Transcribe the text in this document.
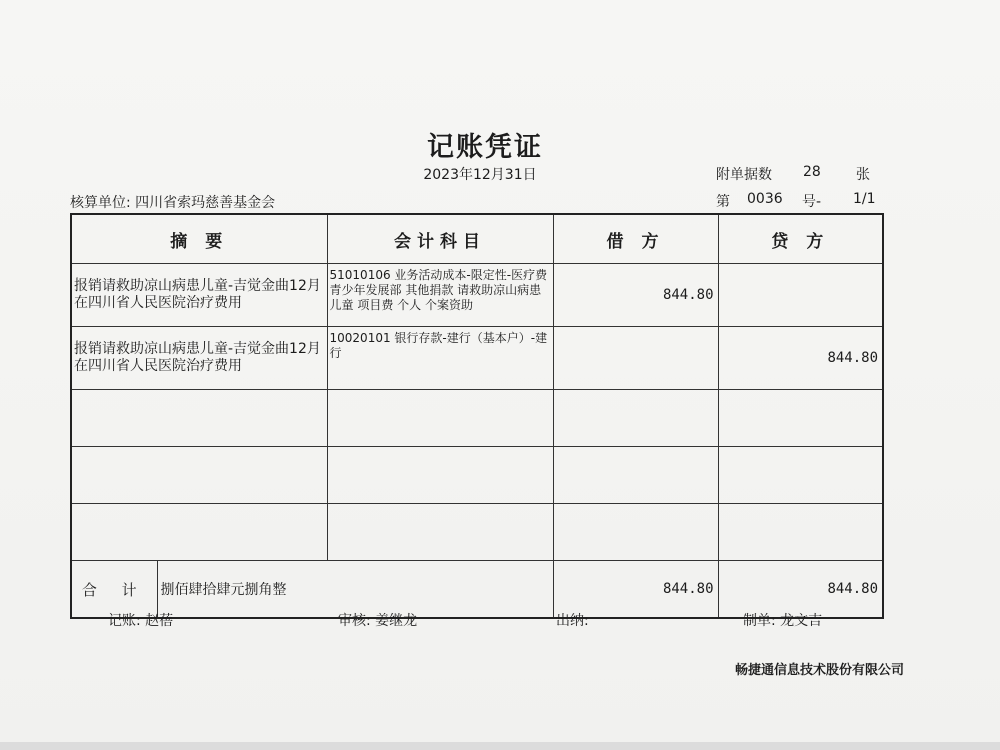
记账凭证
2023年12月31日
核算单位: 四川省索玛慈善基金会
附单据数 28	张
第 0036 号- 1/1
摘 要		会计科目	借 方	贷 方
报销请救助凉山病患儿童-吉觉金曲12月在四川省人民医院治疗费用		51010106 业务活动成本-限定性-医疗费 青少年发展部 其他捐款 请救助凉山病患儿童 项目费 个人 个案资助	844.80	
报销请救助凉山病患儿童-吉觉金曲12月在四川省人民医院治疗费用		10020101 银行存款-建行（基本户）-建行		844.80

合 计	捌佰肆拾肆元捌角整		844.80	844.80
记账: 赵蓓	审核: 姜继龙	出纳:	制单: 龙文吉
畅捷通信息技术股份有限公司
